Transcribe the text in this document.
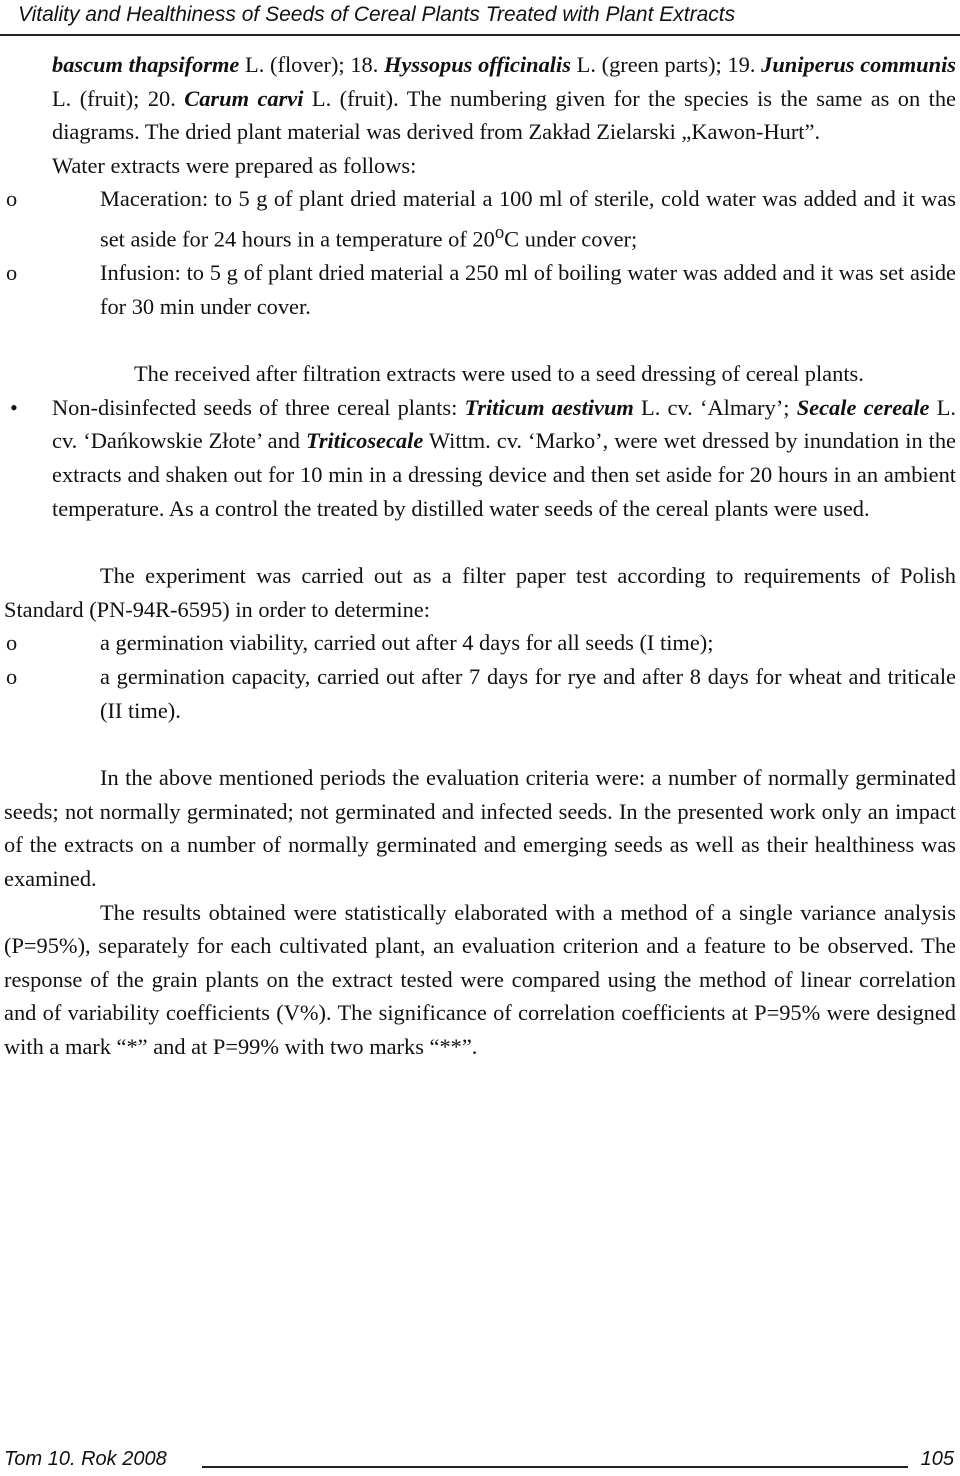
Vitality and Healthiness of Seeds of Cereal Plants Treated with Plant Extracts

bascum thapsiforme L. (flover); 18. Hyssopus officinalis L. (green parts); 19. Juniperus communis L. (fruit); 20. Carum carvi L. (fruit). The numbering given for the species is the same as on the diagrams. The dried plant material was derived from Zakład Zielarski „Kawon-Hurt”.

Water extracts were prepared as follows:

o	Maceration: to 5 g of plant dried material a 100 ml of sterile, cold water was added and it was set aside for 24 hours in a temperature of 20$^o$C under cover;
o	Infusion: to 5 g of plant dried material a 250 ml of boiling water was added and it was set aside for 30 min under cover.

The received after filtration extracts were used to a seed dressing of cereal plants.

• Non-disinfected seeds of three cereal plants: Triticum aestivum L. cv. ‘Almary’; Secale cereale L. cv. ‘Dańkowskie Złote’ and Triticosecale Wittm. cv. ‘Marko’, were wet dressed by inundation in the extracts and shaken out for 10 min in a dressing device and then set aside for 20 hours in an ambient temperature. As a control the treated by distilled water seeds of the cereal plants were used.

The experiment was carried out as a filter paper test according to requirements of Polish Standard (PN-94R-6595) in order to determine:

o	a germination viability, carried out after 4 days for all seeds (I time);
o	a germination capacity, carried out after 7 days for rye and after 8 days for wheat and triticale (II time).

In the above mentioned periods the evaluation criteria were: a number of normally germinated seeds; not normally germinated; not germinated and infected seeds. In the presented work only an impact of the extracts on a number of normally germinated and emerging seeds as well as their healthiness was examined.

The results obtained were statistically elaborated with a method of a single variance analysis (P=95%), separately for each cultivated plant, an evaluation criterion and a feature to be observed. The response of the grain plants on the extract tested were compared using the method of linear correlation and of variability coefficients (V%). The significance of correlation coefficients at P=95% were designed with a mark “*” and at P=99% with two marks “**”.

Tom 10. Rok 2008	105
